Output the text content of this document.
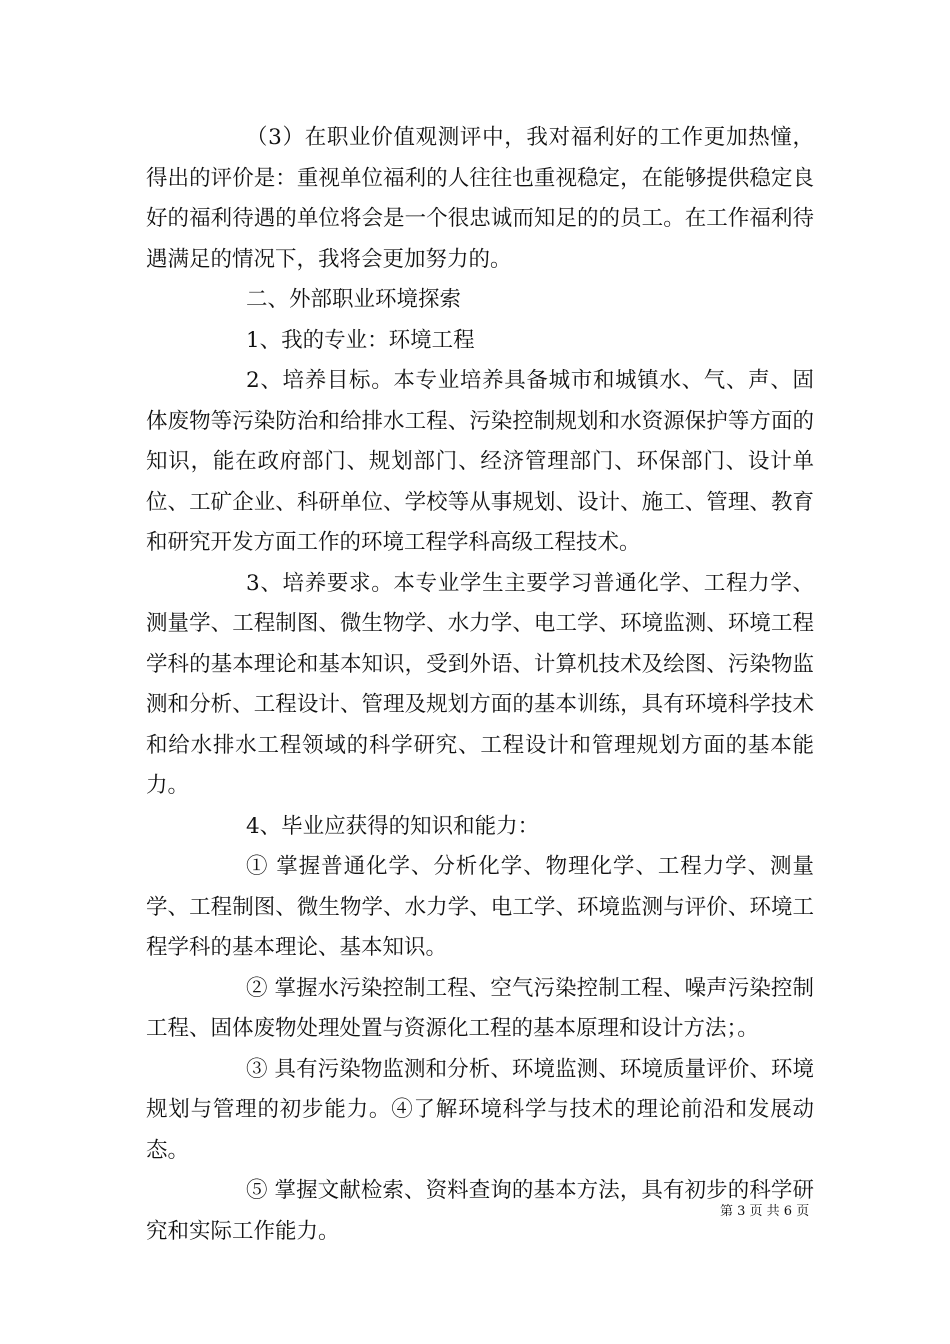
（3）在职业价值观测评中，我对福利好的工作更加热憧，得出的评价是：重视单位福利的人往往也重视稳定，在能够提供稳定良好的福利待遇的单位将会是一个很忠诚而知足的的员工。在工作福利待遇满足的情况下，我将会更加努力的。

二、外部职业环境探索

1、我的专业：环境工程

2、培养目标。本专业培养具备城市和城镇水、气、声、固体废物等污染防治和给排水工程、污染控制规划和水资源保护等方面的知识，能在政府部门、规划部门、经济管理部门、环保部门、设计单位、工矿企业、科研单位、学校等从事规划、设计、施工、管理、教育和研究开发方面工作的环境工程学科高级工程技术。

3、培养要求。本专业学生主要学习普通化学、工程力学、测量学、工程制图、微生物学、水力学、电工学、环境监测、环境工程学科的基本理论和基本知识，受到外语、计算机技术及绘图、污染物监测和分析、工程设计、管理及规划方面的基本训练，具有环境科学技术和给水排水工程领域的科学研究、工程设计和管理规划方面的基本能力。

4、毕业应获得的知识和能力：

① 掌握普通化学、分析化学、物理化学、工程力学、测量学、工程制图、微生物学、水力学、电工学、环境监测与评价、环境工程学科的基本理论、基本知识。

② 掌握水污染控制工程、空气污染控制工程、噪声污染控制工程、固体废物处理处置与资源化工程的基本原理和设计方法；。

③ 具有污染物监测和分析、环境监测、环境质量评价、环境规划与管理的初步能力。④了解环境科学与技术的理论前沿和发展动态。

⑤ 掌握文献检索、资料查询的基本方法，具有初步的科学研究和实际工作能力。

第 3 页 共 6 页
